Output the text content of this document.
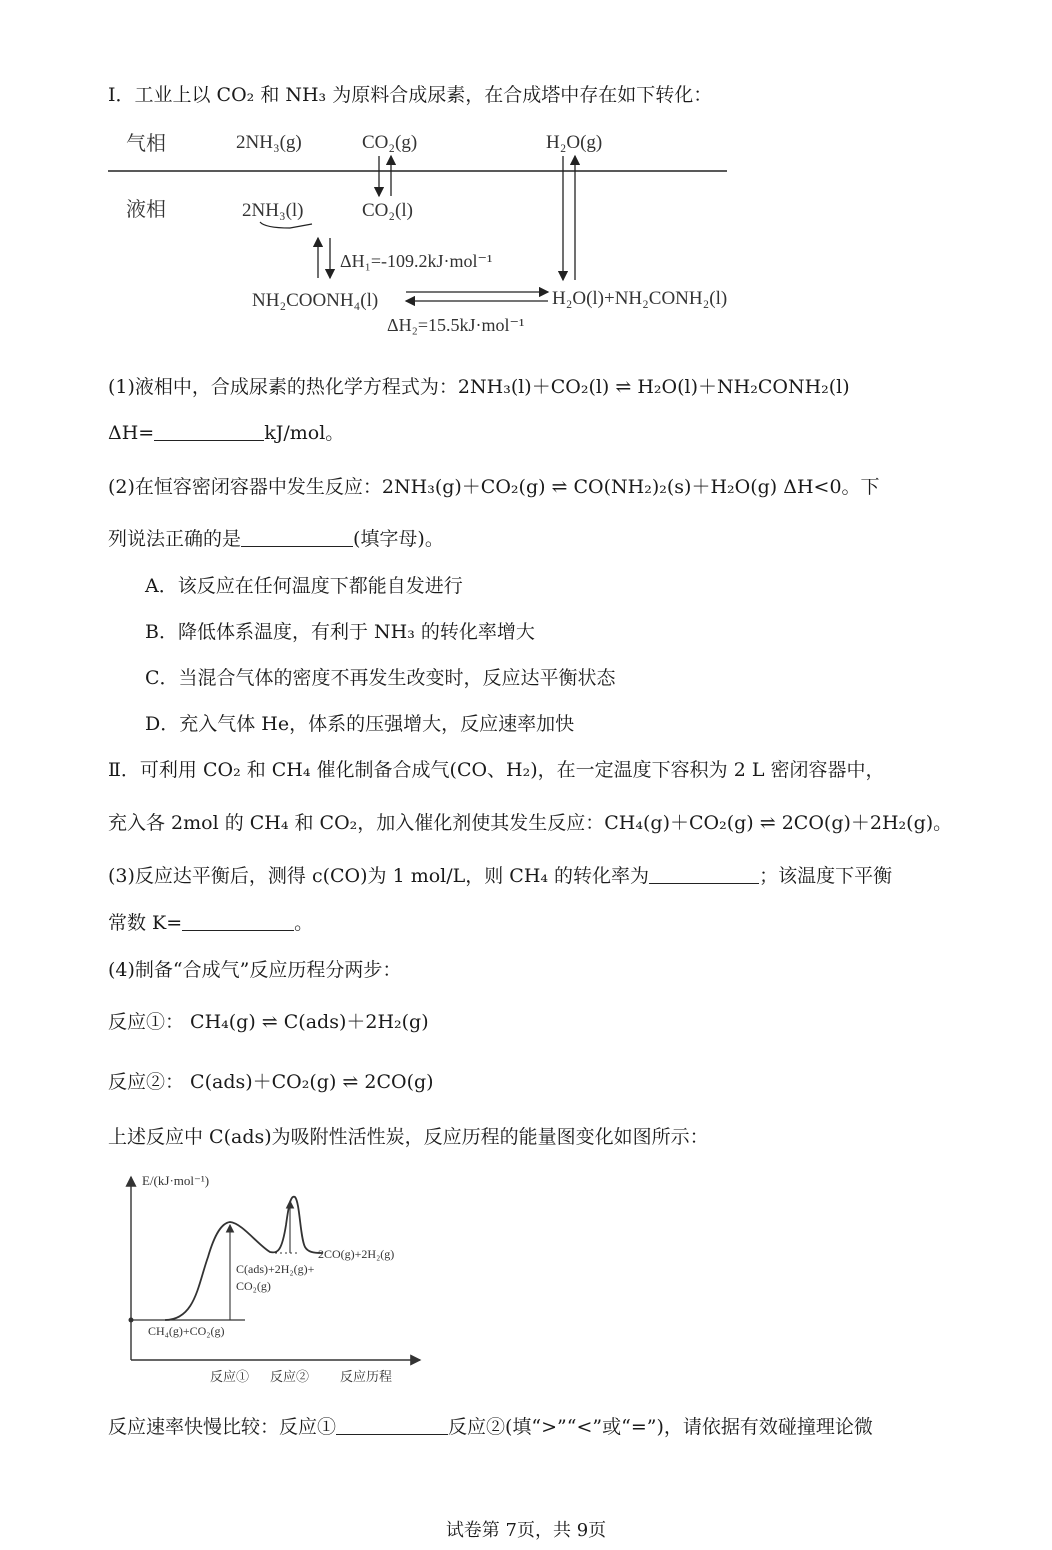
Ⅰ．工业上以 CO₂ 和 NH₃ 为原料合成尿素，在合成塔中存在如下转化：
气相	2NH₃(g)	CO₂(g)	H₂O(g)
液相	2NH₃(l)	CO₂(l)
ΔH₁=-109.2kJ·mol⁻¹
NH₂COONH₄(l)	H₂O(l)+NH₂CONH₂(l)
ΔH₂=15.5kJ·mol⁻¹
(1)液相中，合成尿素的热化学方程式为：2NH₃(l)＋CO₂(l) ⇌ H₂O(l)＋NH₂CONH₂(l)
ΔH=	kJ/mol。
(2)在恒容密闭容器中发生反应：2NH₃(g)＋CO₂(g) ⇌ CO(NH₂)₂(s)＋H₂O(g) ΔH<0。下
列说法正确的是	(填字母)。
A．该反应在任何温度下都能自发进行
B．降低体系温度，有利于 NH₃ 的转化率增大
C．当混合气体的密度不再发生改变时，反应达平衡状态
D．充入气体 He，体系的压强增大，反应速率加快
Ⅱ．可利用 CO₂ 和 CH₄ 催化制备合成气(CO、H₂)，在一定温度下容积为 2 L 密闭容器中，
充入各 2mol 的 CH₄ 和 CO₂，加入催化剂使其发生反应：CH₄(g)＋CO₂(g) ⇌ 2CO(g)＋2H₂(g)。
(3)反应达平衡后，测得 c(CO)为 1 mol/L，则 CH₄ 的转化率为	；该温度下平衡
常数 K=	。
(4)制备“合成气”反应历程分两步：
反应①： CH₄(g) ⇌ C(ads)＋2H₂(g)
反应②： C(ads)＋CO₂(g) ⇌ 2CO(g)
上述反应中 C(ads)为吸附性活性炭，反应历程的能量图变化如图所示：
E/(kJ·mol⁻¹)
2CO(g)+2H₂(g)
C(ads)+2H₂(g)+
CO₂(g)
CH₄(g)+CO₂(g)
反应① 反应② 反应历程
反应速率快慢比较：反应①	反应②(填“>”“<”或“=”)，请依据有效碰撞理论微
试卷第 7页，共 9页
